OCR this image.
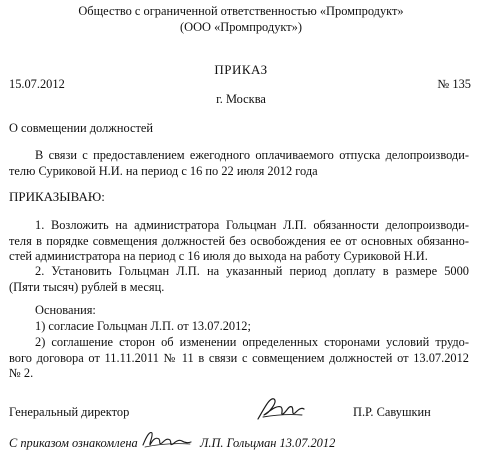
Общество с ограниченной ответственностью «Промпродукт»
(ООО «Промпродукт»)
ПРИКАЗ
15.07.2012	№ 135
г. Москва
О совмещении должностей
В связи с предоставлением ежегодного оплачиваемого отпуска делопроизводи-
телю Суриковой Н.И. на период с 16 по 22 июля 2012 года
ПРИКАЗЫВАЮ:
1. Возложить на администратора Гольцман Л.П. обязанности делопроизводи-
теля в порядке совмещения должностей без освобождения ее от основных обязанно-
стей администратора на период с 16 июля до выхода на работу Суриковой Н.И.
2. Установить Гольцман Л.П. на указанный период доплату в размере 5000
(Пяти тысяч) рублей в месяц.
Основания:
1) согласие Гольцман Л.П. от 13.07.2012;
2) соглашение сторон об изменении определенных сторонами условий трудо-
вого договора от 11.11.2011 № 11 в связи с совмещением должностей от 13.07.2012
№ 2.
Генеральный директор	П.Р. Савушкин
С приказом ознакомлена	Л.П. Гольцман 13.07.2012
